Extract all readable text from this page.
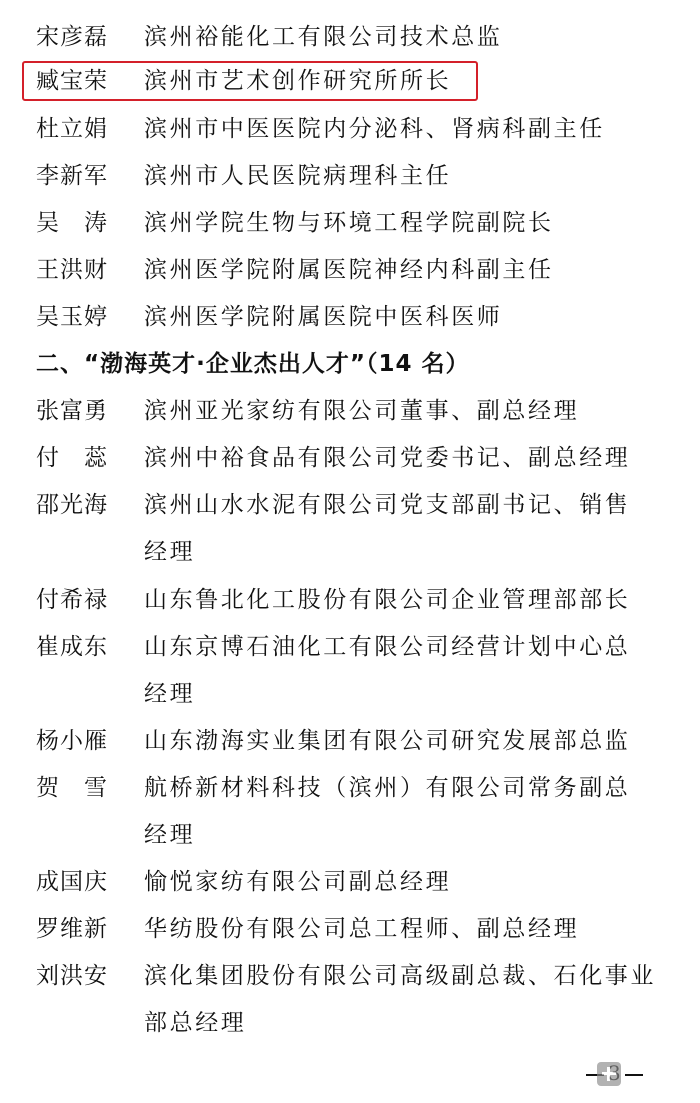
宋彦磊	滨州裕能化工有限公司技术总监
臧宝荣	滨州市艺术创作研究所所长
杜立娟	滨州市中医医院内分泌科、肾病科副主任
李新军	滨州市人民医院病理科主任
吴　涛	滨州学院生物与环境工程学院副院长
王洪财	滨州医学院附属医院神经内科副主任
吴玉婷	滨州医学院附属医院中医科医师
二、“渤海英才·企业杰出人才”（14 名）
张富勇	滨州亚光家纺有限公司董事、副总经理
付　蕊	滨州中裕食品有限公司党委书记、副总经理
邵光海	滨州山水水泥有限公司党支部副书记、销售
经理
付希禄	山东鲁北化工股份有限公司企业管理部部长
崔成东	山东京博石油化工有限公司经营计划中心总
经理
杨小雁	山东渤海实业集团有限公司研究发展部总监
贺　雪	航桥新材料科技（滨州）有限公司常务副总
经理
成国庆	愉悦家纺有限公司副总经理
罗维新	华纺股份有限公司总工程师、副总经理
刘洪安	滨化集团股份有限公司高级副总裁、石化事业
部总经理
